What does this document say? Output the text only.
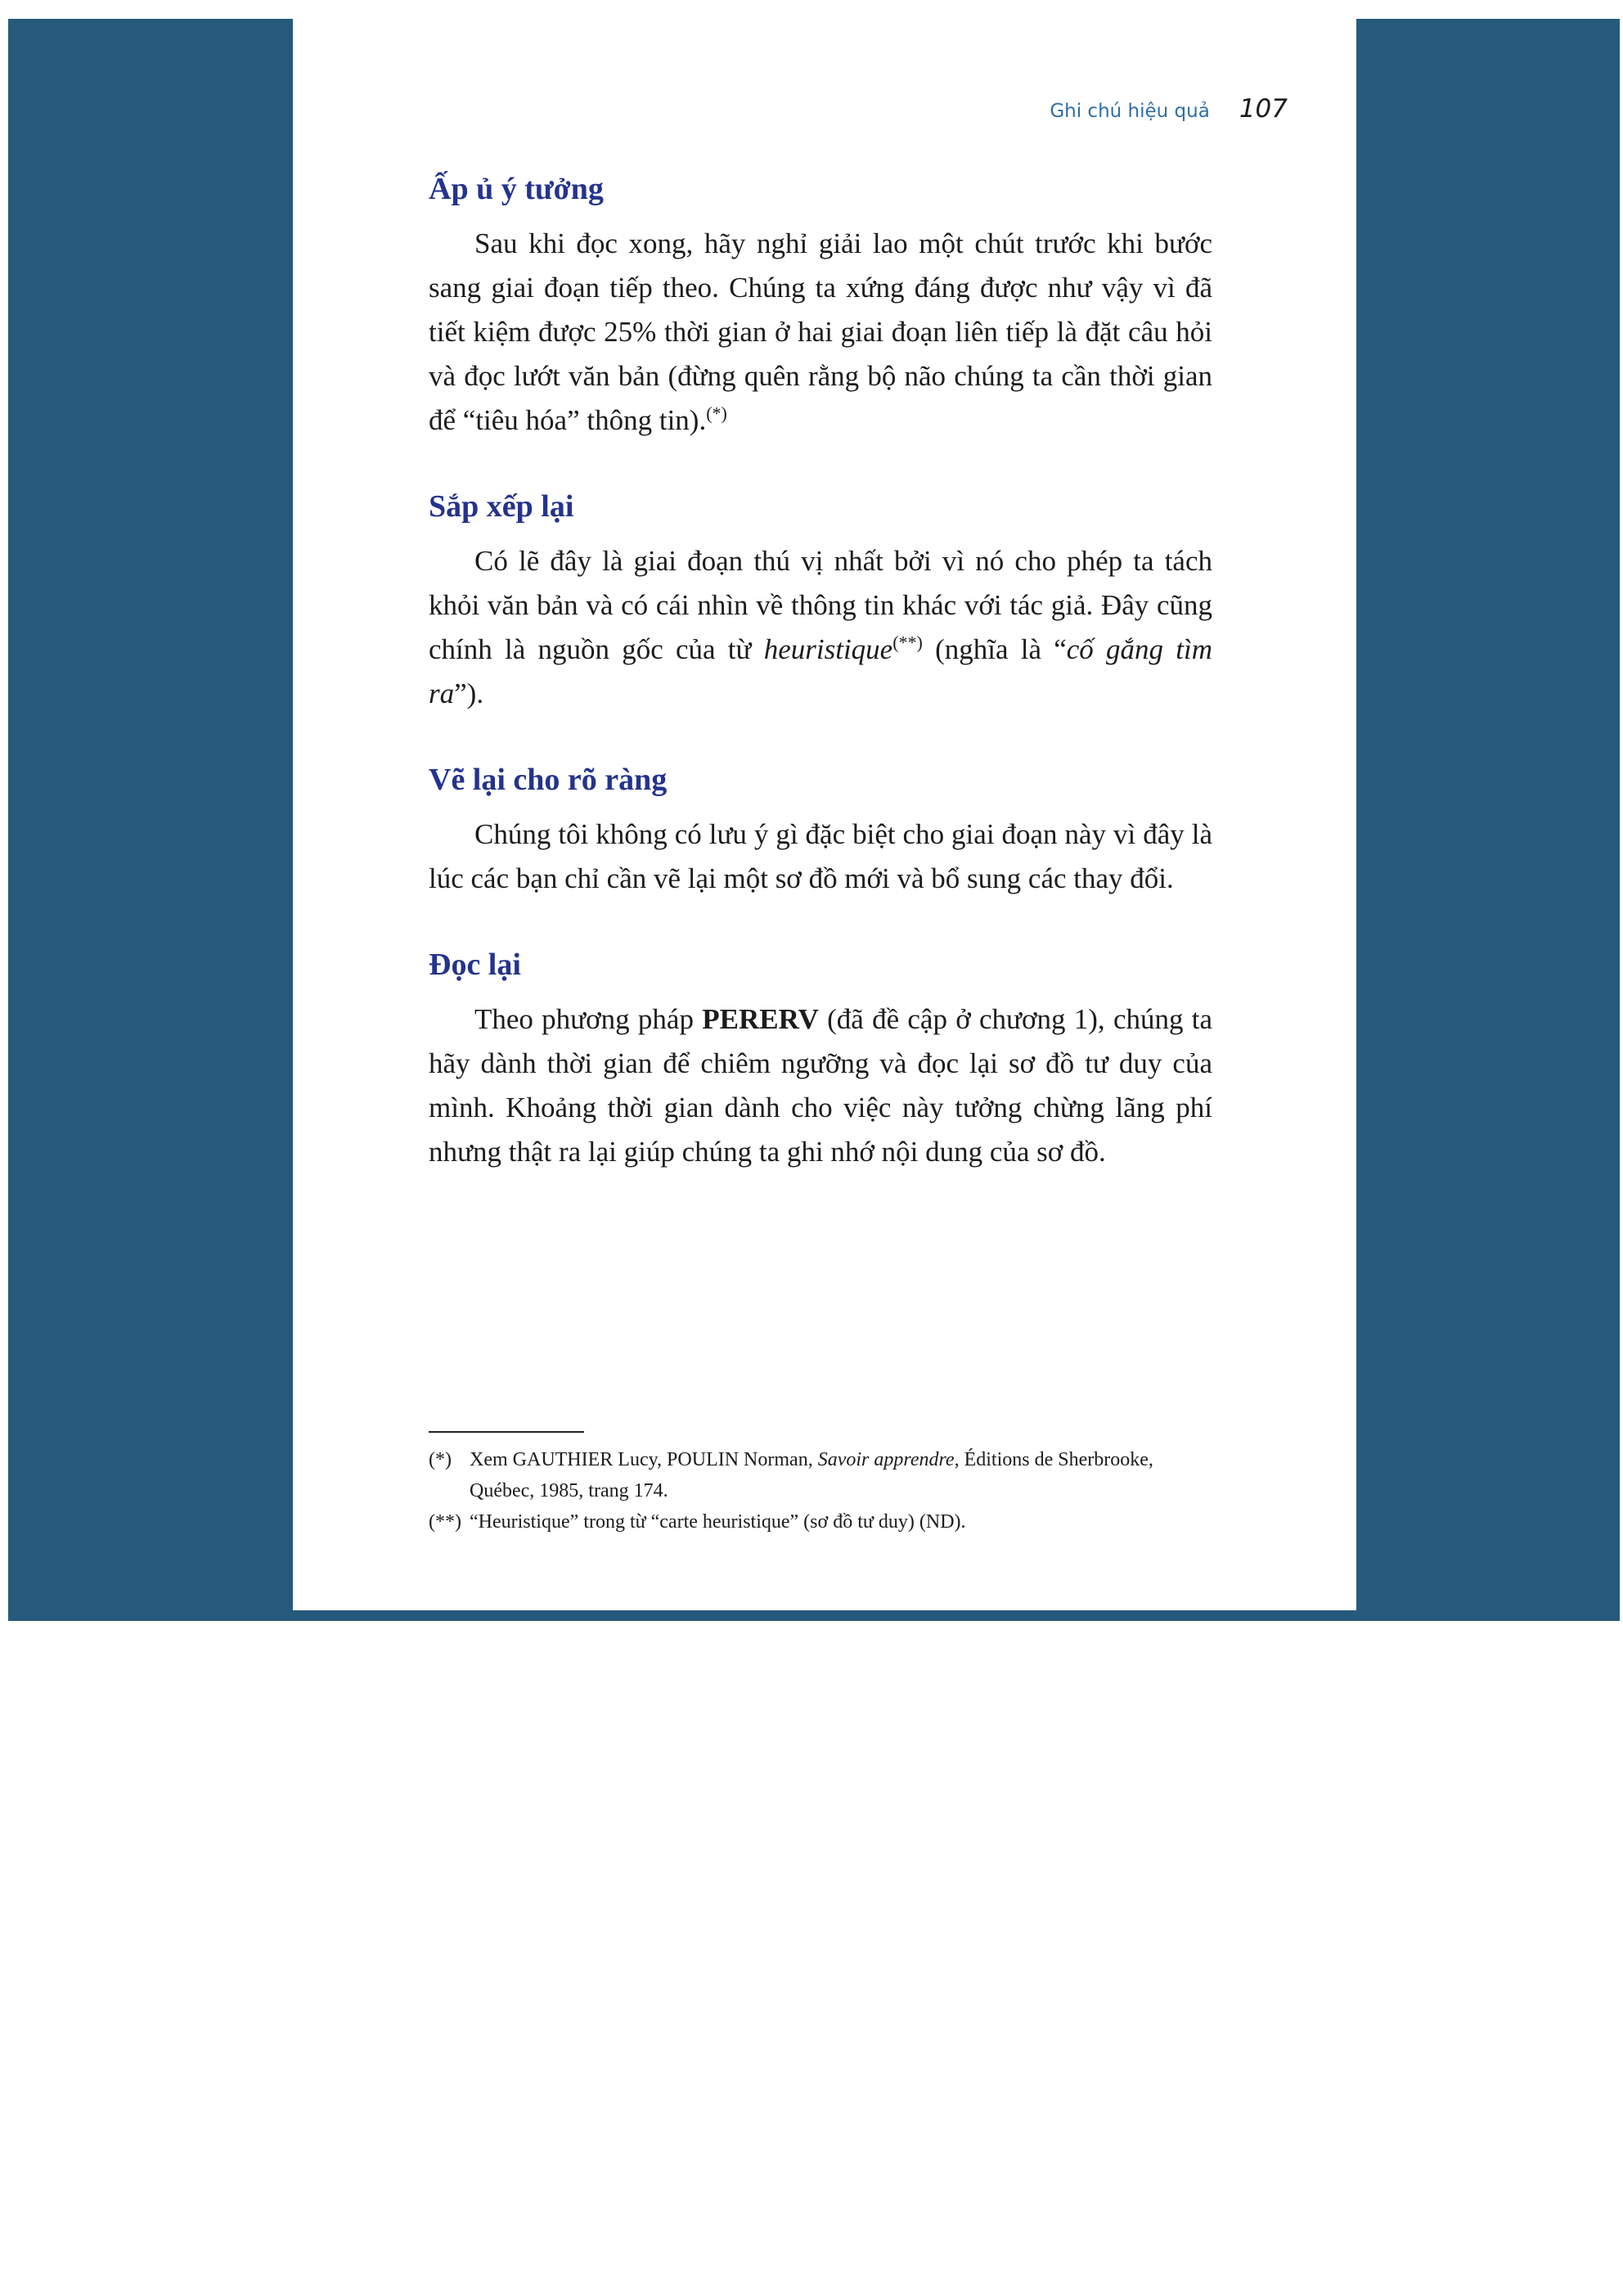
Ghi chú hiệu quả 107
Ấp ủ ý tưởng

Sau khi đọc xong, hãy nghỉ giải lao một chút trước khi bước sang giai đoạn tiếp theo. Chúng ta xứng đáng được như vậy vì đã tiết kiệm được 25% thời gian ở hai giai đoạn liên tiếp là đặt câu hỏi và đọc lướt văn bản (đừng quên rằng bộ não chúng ta cần thời gian để “tiêu hóa” thông tin).(*)

Sắp xếp lại

Có lẽ đây là giai đoạn thú vị nhất bởi vì nó cho phép ta tách khỏi văn bản và có cái nhìn về thông tin khác với tác giả. Đây cũng chính là nguồn gốc của từ heuristique(**) (nghĩa là “cố gắng tìm ra”).

Vẽ lại cho rõ ràng

Chúng tôi không có lưu ý gì đặc biệt cho giai đoạn này vì đây là lúc các bạn chỉ cần vẽ lại một sơ đồ mới và bổ sung các thay đổi.

Đọc lại

Theo phương pháp PERERV (đã đề cập ở chương 1), chúng ta hãy dành thời gian để chiêm ngưỡng và đọc lại sơ đồ tư duy của mình. Khoảng thời gian dành cho việc này tưởng chừng lãng phí nhưng thật ra lại giúp chúng ta ghi nhớ nội dung của sơ đồ.

(*) Xem GAUTHIER Lucy, POULIN Norman, Savoir apprendre, Éditions de Sherbrooke, Québec, 1985, trang 174.
(**) “Heuristique” trong từ “carte heuristique” (sơ đồ tư duy) (ND).
